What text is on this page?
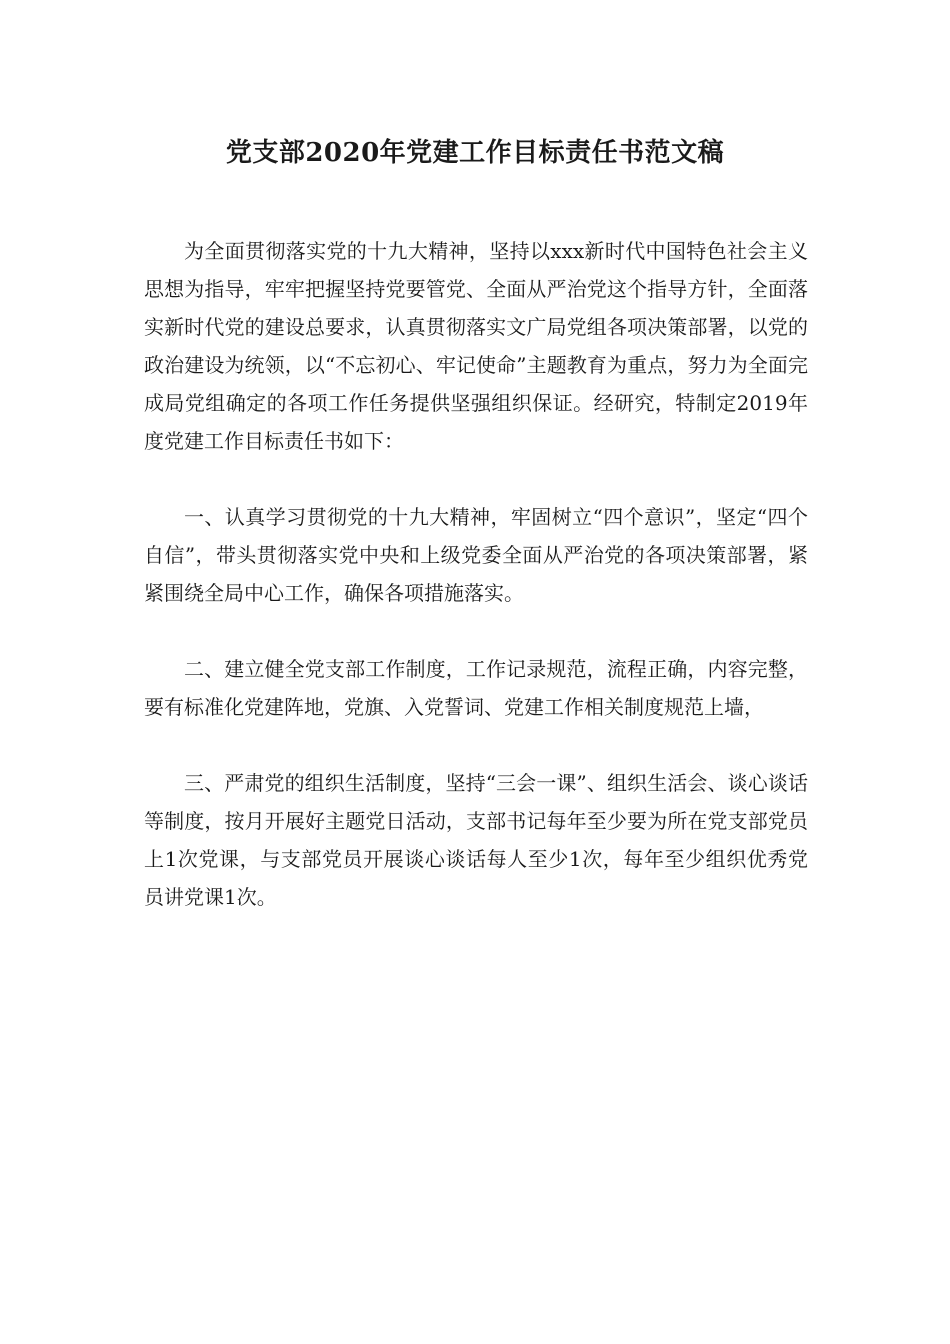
党支部2020年党建工作目标责任书范文稿

为全面贯彻落实党的十九大精神，坚持以xxx新时代中国特色社会主义思想为指导，牢牢把握坚持党要管党、全面从严治党这个指导方针，全面落实新时代党的建设总要求，认真贯彻落实文广局党组各项决策部署，以党的政治建设为统领，以“不忘初心、牢记使命”主题教育为重点，努力为全面完成局党组确定的各项工作任务提供坚强组织保证。经研究，特制定2019年度党建工作目标责任书如下：

一、认真学习贯彻党的十九大精神，牢固树立“四个意识”，坚定“四个自信”，带头贯彻落实党中央和上级党委全面从严治党的各项决策部署，紧紧围绕全局中心工作，确保各项措施落实。

二、建立健全党支部工作制度，工作记录规范，流程正确，内容完整，要有标准化党建阵地，党旗、入党誓词、党建工作相关制度规范上墙，

三、严肃党的组织生活制度，坚持“三会一课”、组织生活会、谈心谈话等制度，按月开展好主题党日活动，支部书记每年至少要为所在党支部党员上1次党课，与支部党员开展谈心谈话每人至少1次，每年至少组织优秀党员讲党课1次。
